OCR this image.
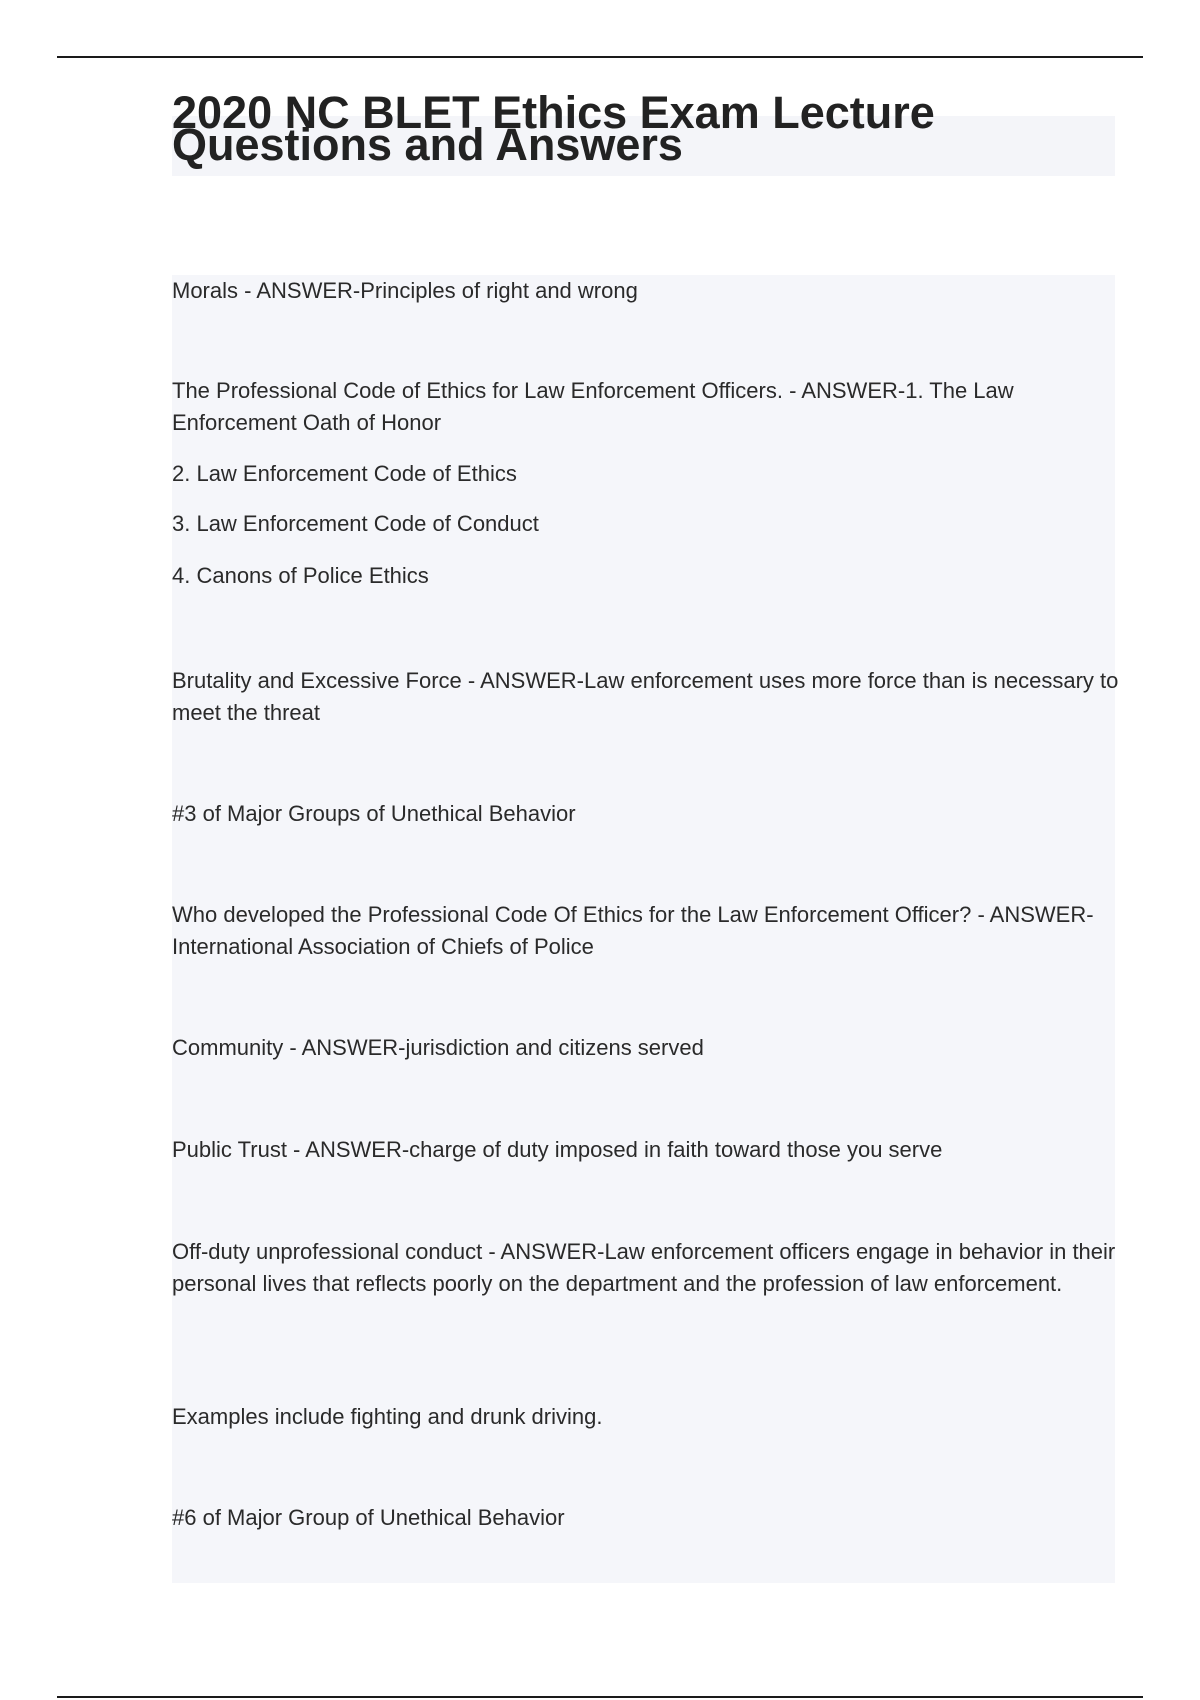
2020 NC BLET Ethics Exam Lecture Questions and Answers

Morals - ANSWER-Principles of right and wrong

The Professional Code of Ethics for Law Enforcement Officers. - ANSWER-1. The Law Enforcement Oath of Honor

2. Law Enforcement Code of Ethics

3. Law Enforcement Code of Conduct

4. Canons of Police Ethics

Brutality and Excessive Force - ANSWER-Law enforcement uses more force than is necessary to meet the threat

#3 of Major Groups of Unethical Behavior

Who developed the Professional Code Of Ethics for the Law Enforcement Officer? - ANSWER-International Association of Chiefs of Police

Community - ANSWER-jurisdiction and citizens served

Public Trust - ANSWER-charge of duty imposed in faith toward those you serve

Off-duty unprofessional conduct - ANSWER-Law enforcement officers engage in behavior in their personal lives that reflects poorly on the department and the profession of law enforcement.

Examples include fighting and drunk driving.

#6 of Major Group of Unethical Behavior
